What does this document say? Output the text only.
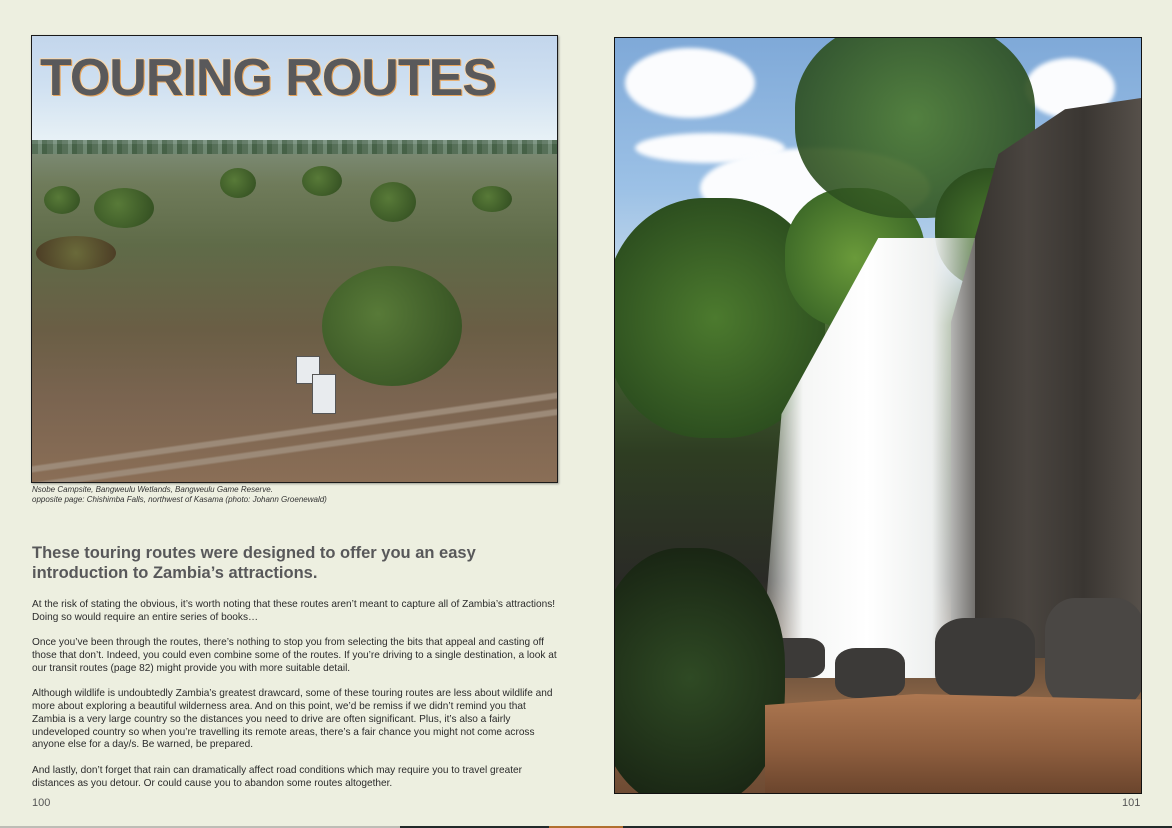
TOURING ROUTES
Nsobe Campsite, Bangweulu Wetlands, Bangweulu Game Reserve.
opposite page: Chishimba Falls, northwest of Kasama (photo: Johann Groenewald)
These touring routes were designed to offer you an easy introduction to Zambia’s attractions.

At the risk of stating the obvious, it’s worth noting that these routes aren’t meant to capture all of Zambia’s attractions! Doing so would require an entire series of books…

Once you’ve been through the routes, there’s nothing to stop you from selecting the bits that appeal and casting off those that don’t. Indeed, you could even combine some of the routes. If you’re driving to a single destination, a look at our transit routes (page 82) might provide you with more suitable detail.

Although wildlife is undoubtedly Zambia’s greatest drawcard, some of these touring routes are less about wildlife and more about exploring a beautiful wilderness area. And on this point, we’d be remiss if we didn’t remind you that Zambia is a very large country so the distances you need to drive are often significant. Plus, it’s also a fairly undeveloped country so when you’re travelling its remote areas, there’s a fair chance you might not come across anyone else for a day/s. Be warned, be prepared.

And lastly, don’t forget that rain can dramatically affect road conditions which may require you to travel greater distances as you detour. Or could cause you to abandon some routes altogether.

100	101
